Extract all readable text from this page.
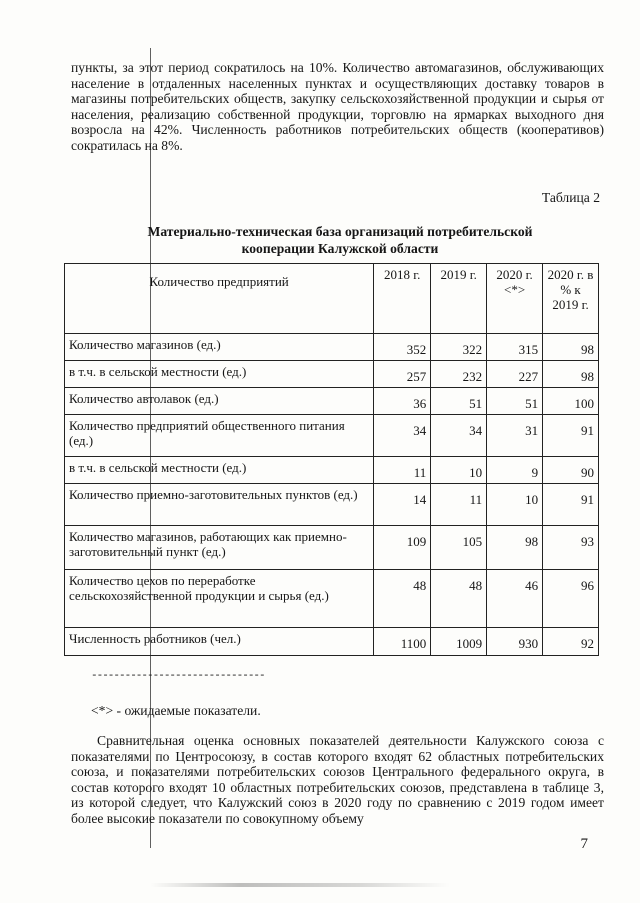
пункты, за этот период сократилось на 10%. Количество автомагазинов, обслуживающих население в отдаленных населенных пунктах и осуществляющих доставку товаров в магазины потребительских обществ, закупку сельскохозяйственной продукции и сырья от населения, реализацию собственной продукции, торговлю на ярмарках выходного дня возросла на 42%. Численность работников потребительских обществ (кооперативов) сократилась на 8%.

Таблица 2
Материально-техническая база организаций потребительской
кооперации Калужской области
Количество предприятий	2018 г.	2019 г.	2020 г. <*>	2020 г. в % к 2019 г.
Количество магазинов (ед.)	352	322	315	98
в т.ч. в сельской местности (ед.)	257	232	227	98
Количество автолавок (ед.)	36	51	51	100
Количество предприятий общественного питания (ед.)	34	34	31	91
в т.ч. в сельской местности (ед.)	11	10	9	90
Количество приемно-заготовительных пунктов (ед.)	14	11	10	91
Количество магазинов, работающих как приемно-заготовительный пункт (ед.)	109	105	98	93
Количество цехов по переработке сельскохозяйственной продукции и сырья (ед.)	48	48	46	96
Численность работников (чел.)	1100	1009	930	92
-------------------------------
<*> - ожидаемые показатели.

Сравнительная оценка основных показателей деятельности Калужского союза с показателями по Центросоюзу, в состав которого входят 62 областных потребительских союза, и показателями потребительских союзов Центрального федерального округа, в состав которого входят 10 областных потребительских союзов, представлена в таблице 3, из которой следует, что Калужский союз в 2020 году по сравнению с 2019 годом имеет более высокие показатели по совокупному объему

7
